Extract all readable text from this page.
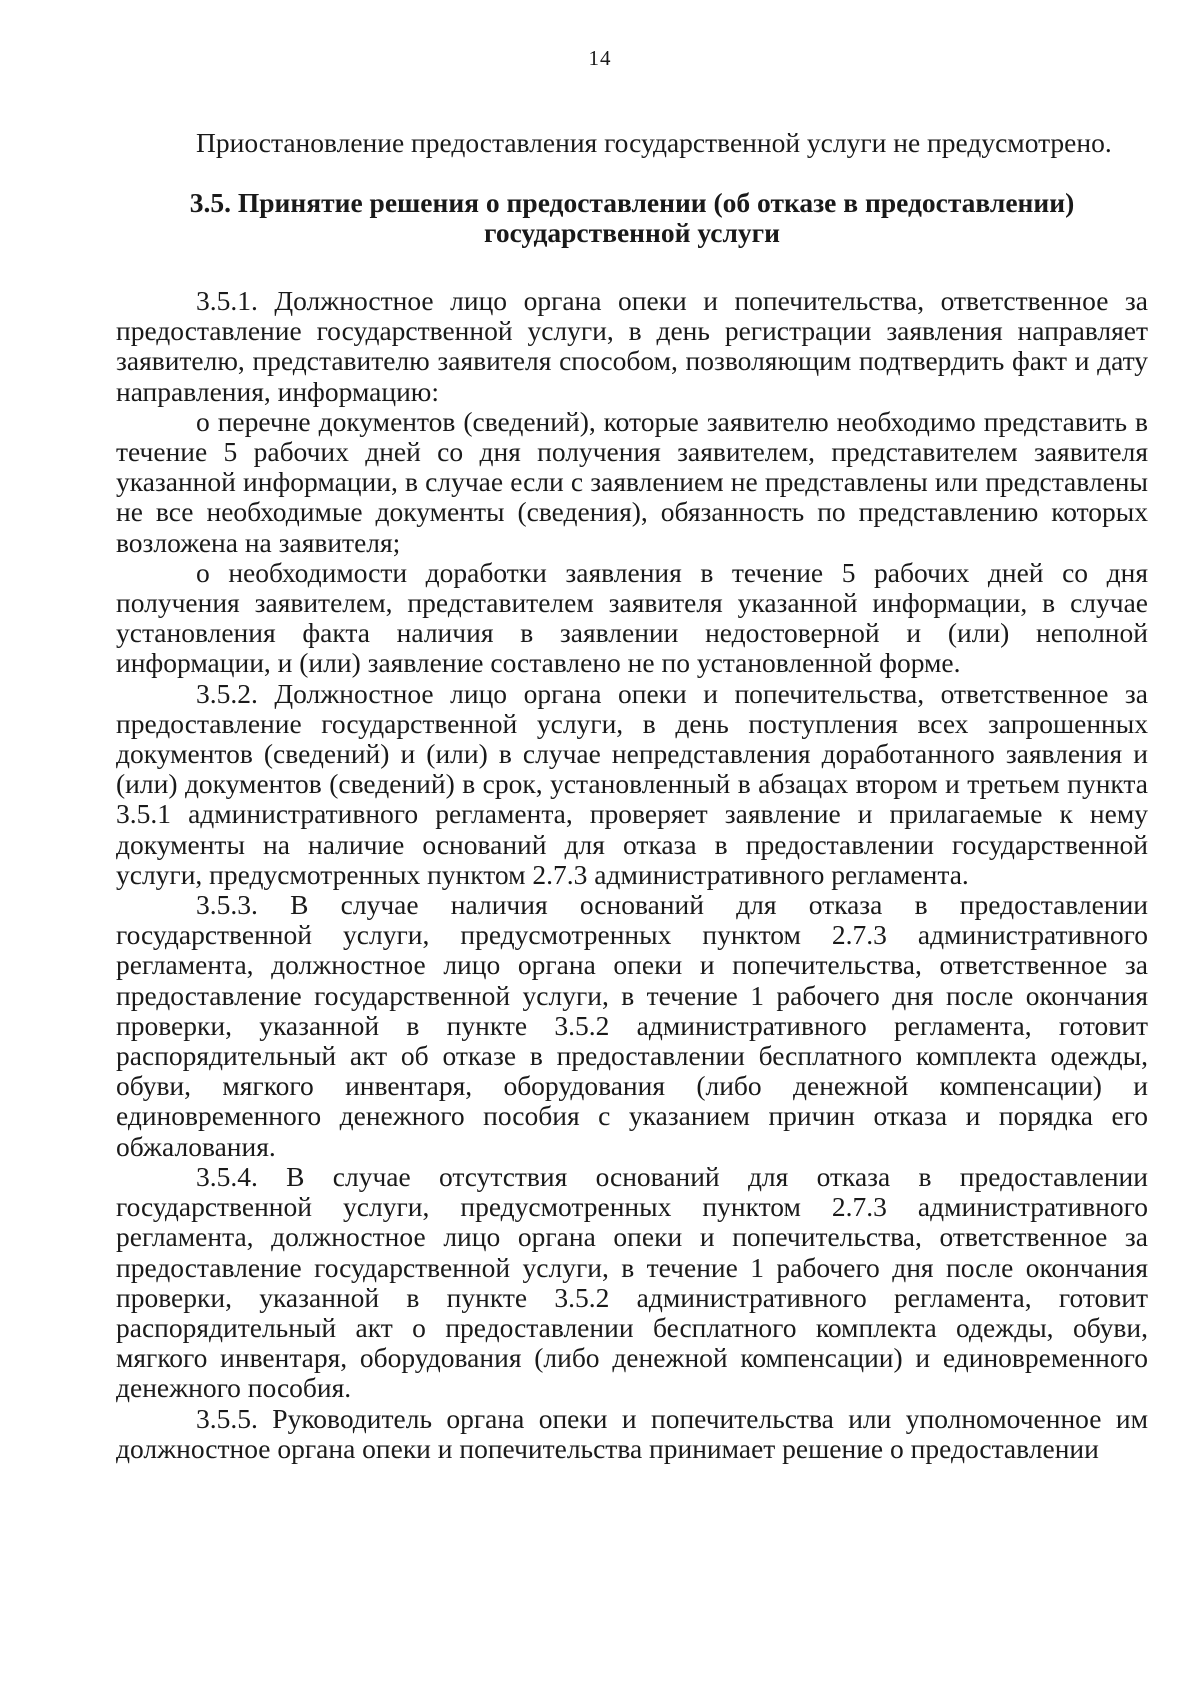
14
Приостановление предоставления государственной услуги не предусмотрено.
3.5. Принятие решения о предоставлении (об отказе в предоставлении)
государственной услуги

3.5.1. Должностное лицо органа опеки и попечительства, ответственное за предоставление государственной услуги, в день регистрации заявления направляет заявителю, представителю заявителя способом, позволяющим подтвердить факт и дату направления, информацию:

о перечне документов (сведений), которые заявителю необходимо представить в течение 5 рабочих дней со дня получения заявителем, представителем заявителя указанной информации, в случае если с заявлением не представлены или представлены не все необходимые документы (сведения), обязанность по представлению которых возложена на заявителя;

о необходимости доработки заявления в течение 5 рабочих дней со дня получения заявителем, представителем заявителя указанной информации, в случае установления факта наличия в заявлении недостоверной и (или) неполной информации, и (или) заявление составлено не по установленной форме.

3.5.2. Должностное лицо органа опеки и попечительства, ответственное за предоставление государственной услуги, в день поступления всех запрошенных документов (сведений) и (или) в случае непредставления доработанного заявления и (или) документов (сведений) в срок, установленный в абзацах втором и третьем пункта 3.5.1 административного регламента, проверяет заявление и прилагаемые к нему документы на наличие оснований для отказа в предоставлении государственной услуги, предусмотренных пунктом 2.7.3 административного регламента.

3.5.3. В случае наличия оснований для отказа в предоставлении государственной услуги, предусмотренных пунктом 2.7.3 административного регламента, должностное лицо органа опеки и попечительства, ответственное за предоставление государственной услуги, в течение 1 рабочего дня после окончания проверки, указанной в пункте 3.5.2 административного регламента, готовит распорядительный акт об отказе в предоставлении бесплатного комплекта одежды, обуви, мягкого инвентаря, оборудования (либо денежной компенсации) и единовременного денежного пособия с указанием причин отказа и порядка его обжалования.

3.5.4. В случае отсутствия оснований для отказа в предоставлении государственной услуги, предусмотренных пунктом 2.7.3 административного регламента, должностное лицо органа опеки и попечительства, ответственное за предоставление государственной услуги, в течение 1 рабочего дня после окончания проверки, указанной в пункте 3.5.2 административного регламента, готовит распорядительный акт о предоставлении бесплатного комплекта одежды, обуви, мягкого инвентаря, оборудования (либо денежной компенсации) и единовременного денежного пособия.

3.5.5. Руководитель органа опеки и попечительства или уполномоченное им должностное органа опеки и попечительства принимает решение о предоставлении
